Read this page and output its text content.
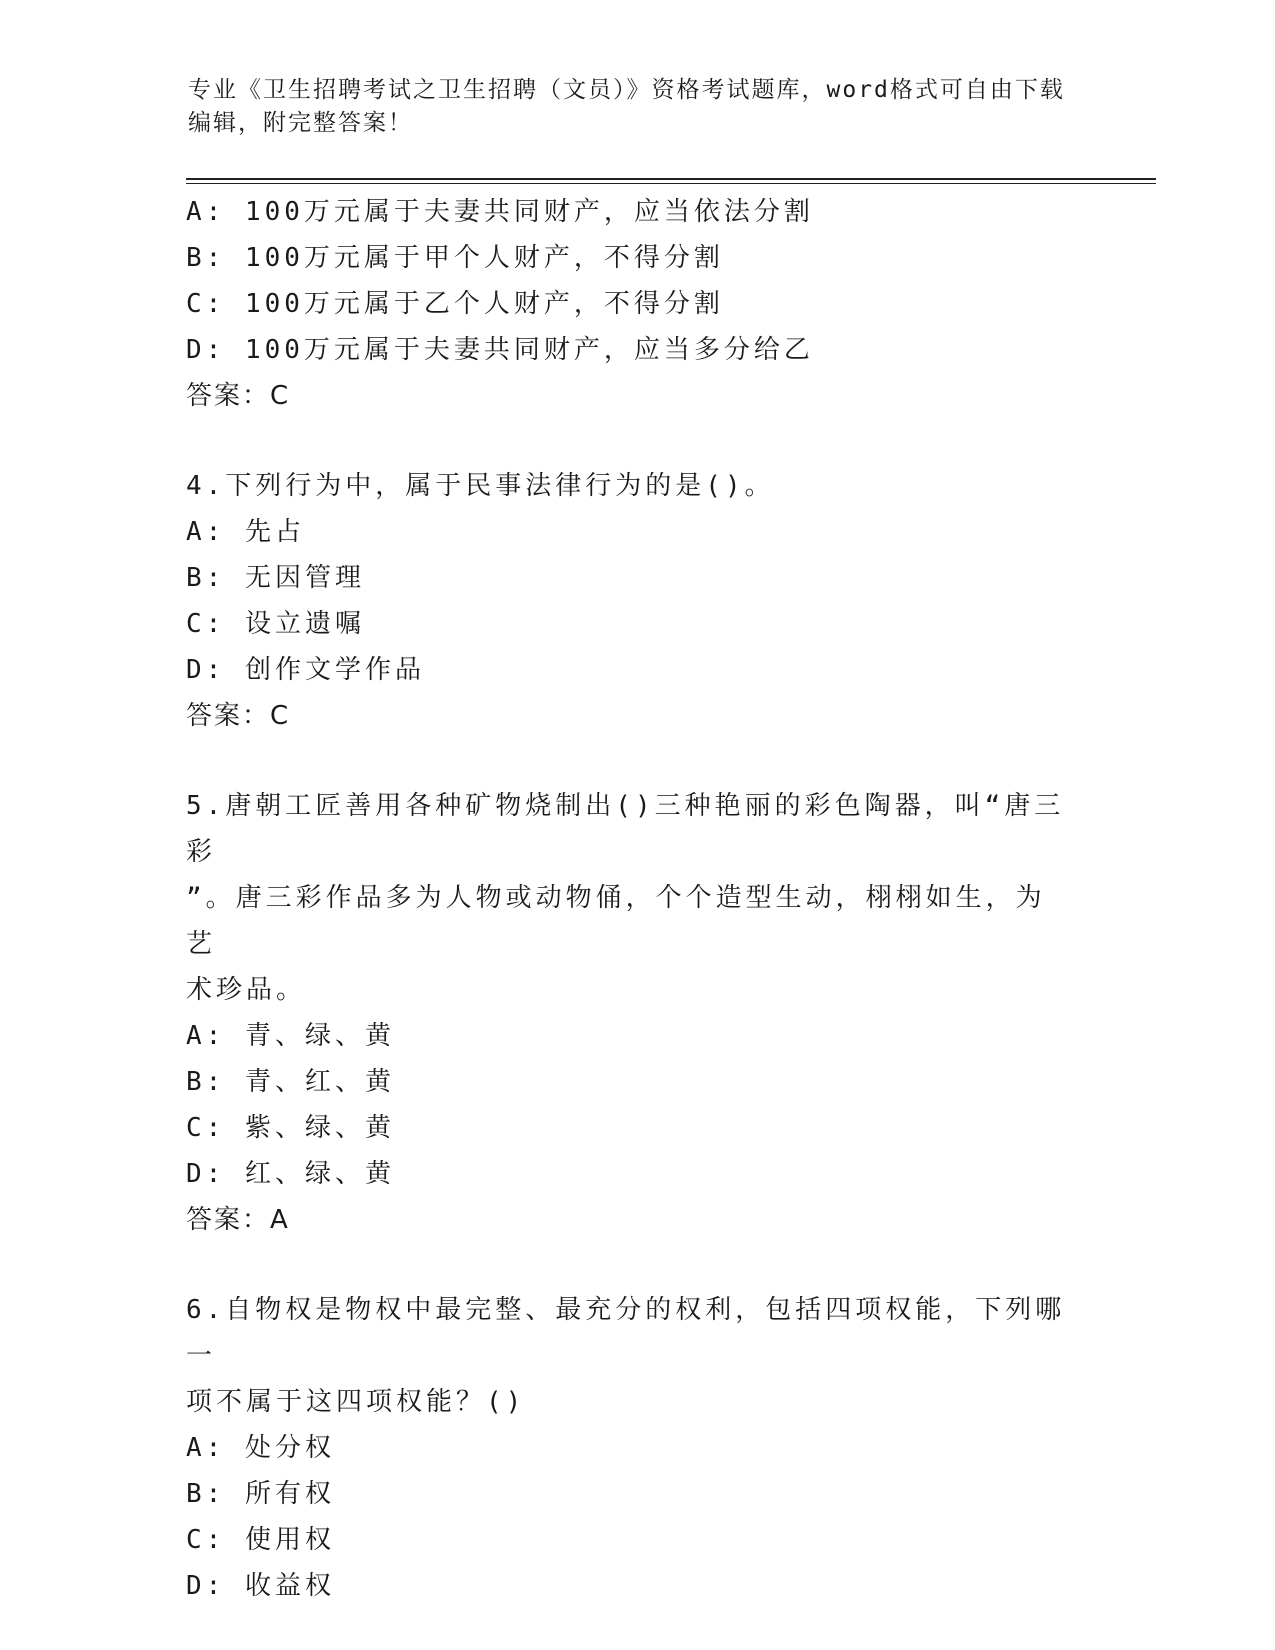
专业《卫生招聘考试之卫生招聘（文员）》资格考试题库，word格式可自由下载编辑，附完整答案！
A: 100万元属于夫妻共同财产，应当依法分割
B: 100万元属于甲个人财产，不得分割
C: 100万元属于乙个人财产，不得分割
D: 100万元属于夫妻共同财产，应当多分给乙
答案：C
4.下列行为中，属于民事法律行为的是()。
A: 先占
B: 无因管理
C: 设立遗嘱
D: 创作文学作品
答案：C
5.唐朝工匠善用各种矿物烧制出()三种艳丽的彩色陶器，叫“唐三彩
”。唐三彩作品多为人物或动物俑，个个造型生动，栩栩如生，为艺
术珍品。
A: 青、绿、黄
B: 青、红、黄
C: 紫、绿、黄
D: 红、绿、黄
答案：A
6.自物权是物权中最完整、最充分的权利，包括四项权能，下列哪一
项不属于这四项权能？()
A: 处分权
B: 所有权
C: 使用权
D: 收益权
